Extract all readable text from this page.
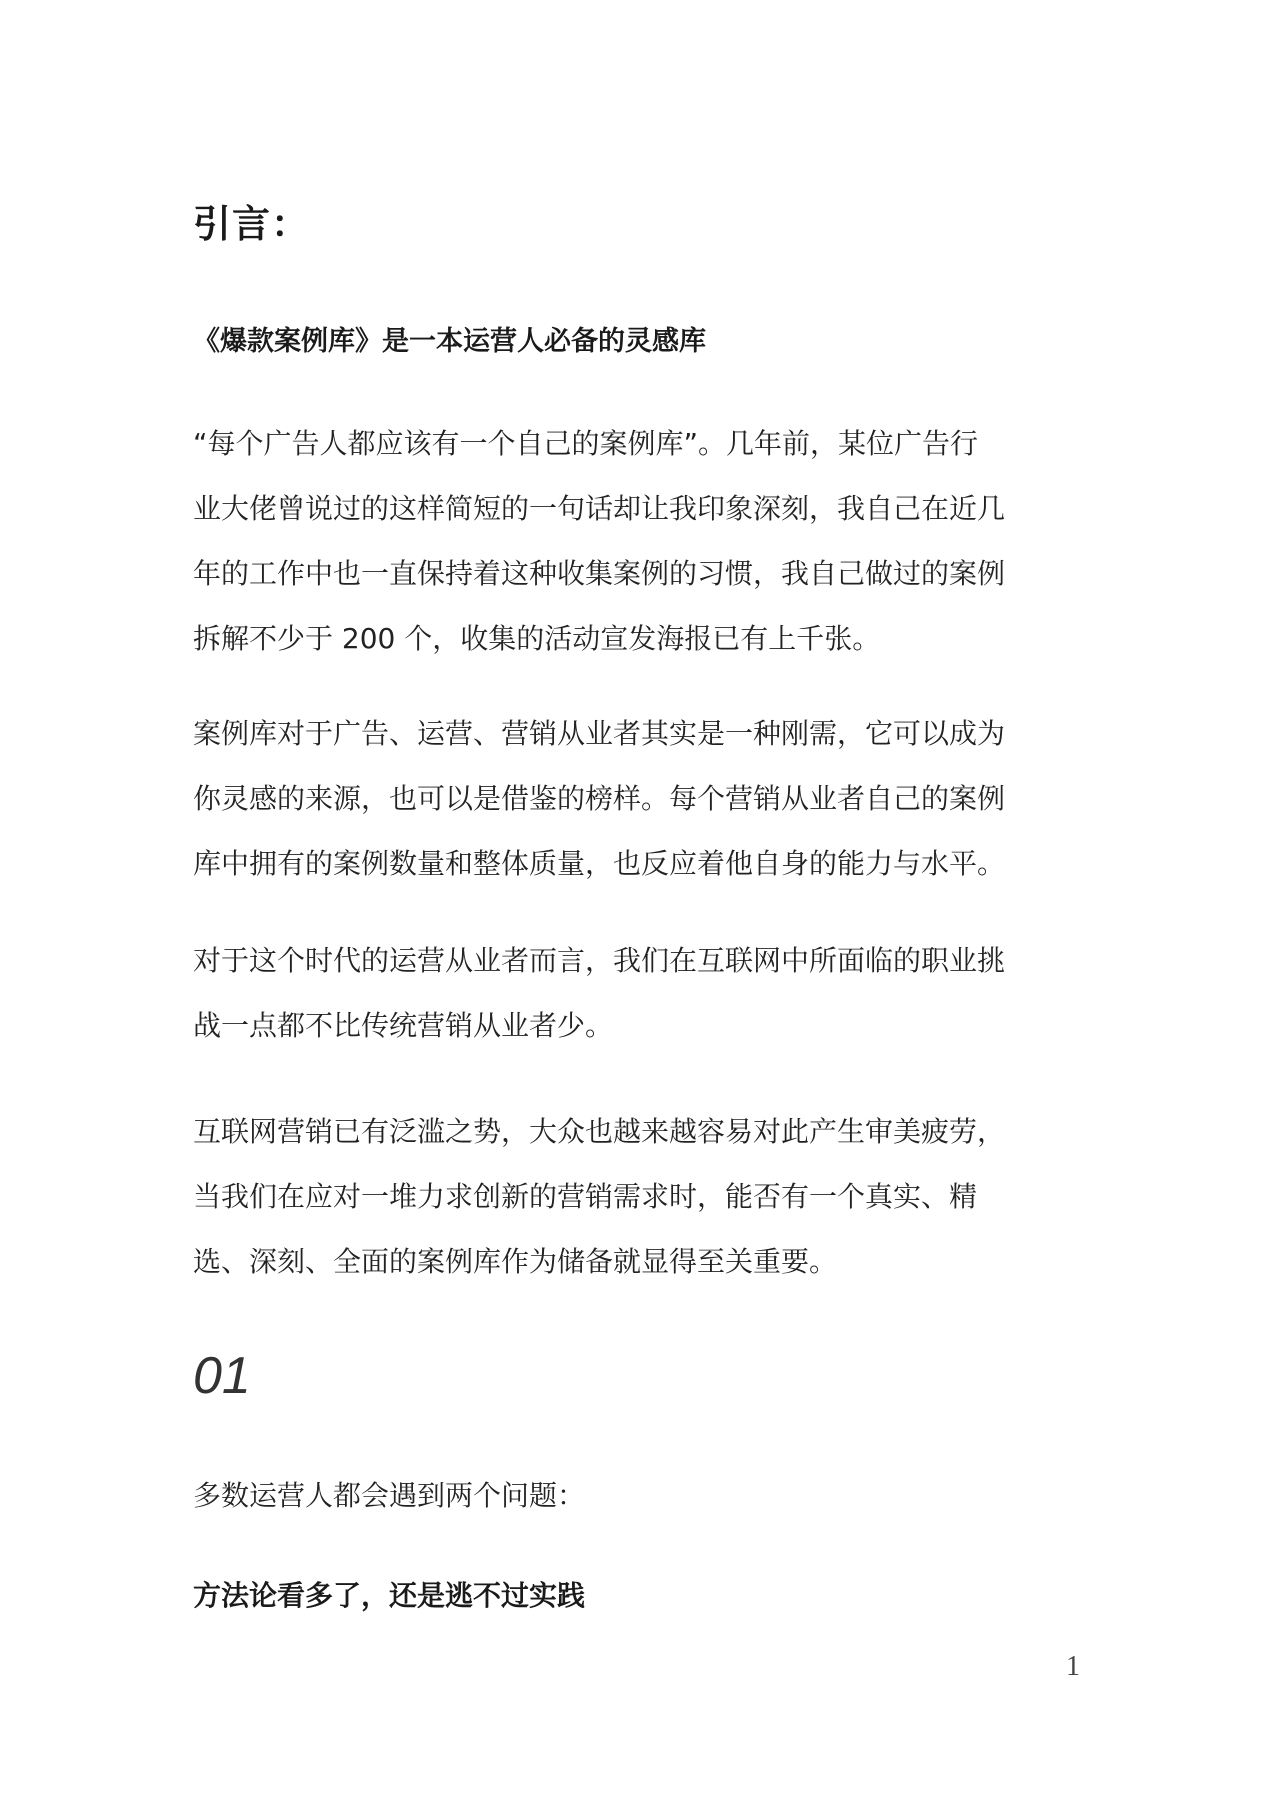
引言：
《爆款案例库》是一本运营人必备的灵感库

“每个广告人都应该有一个自己的案例库”。几年前，某位广告行
业大佬曾说过的这样简短的一句话却让我印象深刻，我自己在近几
年的工作中也一直保持着这种收集案例的习惯，我自己做过的案例
拆解不少于 200 个，收集的活动宣发海报已有上千张。

案例库对于广告、运营、营销从业者其实是一种刚需，它可以成为
你灵感的来源，也可以是借鉴的榜样。每个营销从业者自己的案例
库中拥有的案例数量和整体质量，也反应着他自身的能力与水平。

对于这个时代的运营从业者而言，我们在互联网中所面临的职业挑
战一点都不比传统营销从业者少。

互联网营销已有泛滥之势，大众也越来越容易对此产生审美疲劳，
当我们在应对一堆力求创新的营销需求时，能否有一个真实、精
选、深刻、全面的案例库作为储备就显得至关重要。

01
多数运营人都会遇到两个问题：
方法论看多了，还是逃不过实践
1
